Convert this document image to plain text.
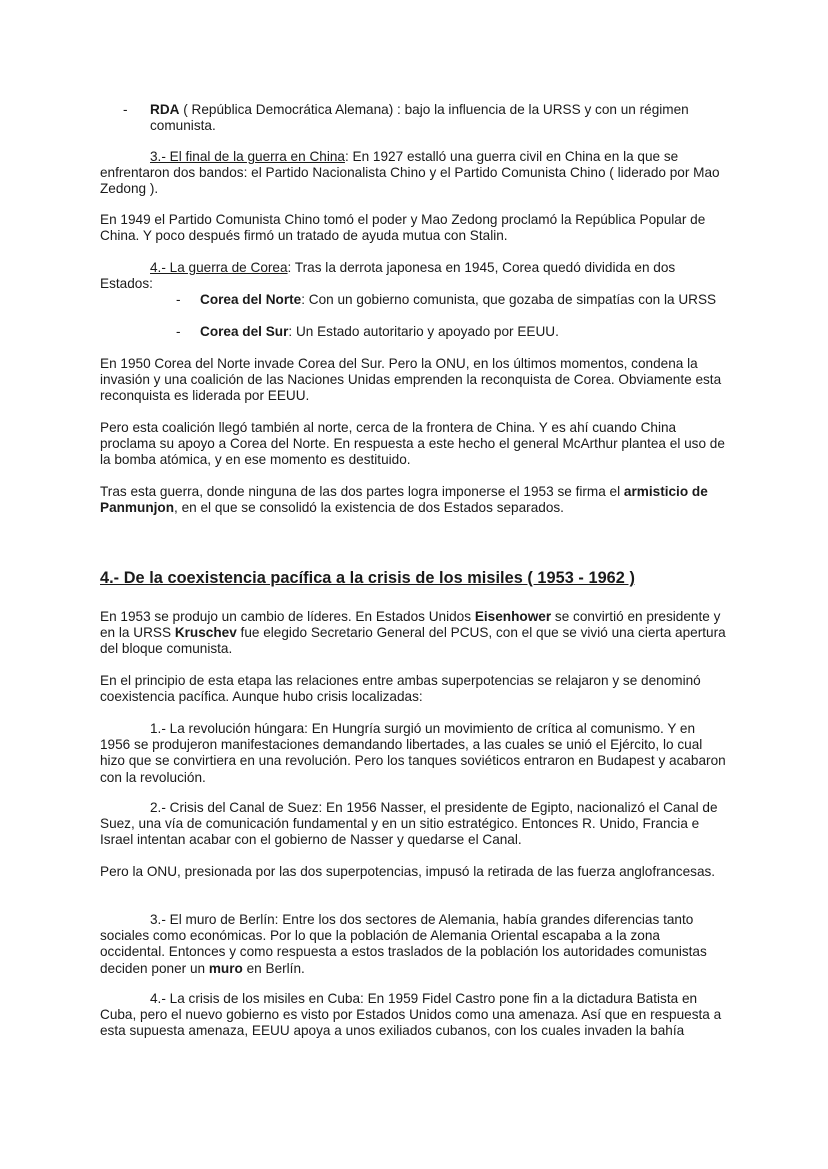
- RDA ( República Democrática Alemana) : bajo la influencia de la URSS y con un régimen comunista.

3.- El final de la guerra en China: En 1927 estalló una guerra civil en China en la que se enfrentaron dos bandos: el Partido Nacionalista Chino y el Partido Comunista Chino ( liderado por Mao Zedong ).

En 1949 el Partido Comunista Chino tomó el poder y Mao Zedong proclamó la República Popular de China. Y poco después firmó un tratado de ayuda mutua con Stalin.

4.- La guerra de Corea: Tras la derrota japonesa en 1945, Corea quedó dividida en dos Estados:

- Corea del Norte: Con un gobierno comunista, que gozaba de simpatías con la URSS

- Corea del Sur: Un Estado autoritario y apoyado por EEUU.

En 1950 Corea del Norte invade Corea del Sur. Pero la ONU, en los últimos momentos, condena la invasión y una coalición de las Naciones Unidas emprenden la reconquista de Corea. Obviamente esta reconquista es liderada por EEUU.

Pero esta coalición llegó también al norte, cerca de la frontera de China. Y es ahí cuando China proclama su apoyo a Corea del Norte. En respuesta a este hecho el general McArthur plantea el uso de la bomba atómica, y en ese momento es destituido.

Tras esta guerra, donde ninguna de las dos partes logra imponerse el 1953 se firma el armisticio de Panmunjon, en el que se consolidó la existencia de dos Estados separados.

4.- De la coexistencia pacífica a la crisis de los misiles ( 1953 - 1962 )

En 1953 se produjo un cambio de líderes. En Estados Unidos Eisenhower se convirtió en presidente y en la URSS Kruschev fue elegido Secretario General del PCUS, con el que se vivió una cierta apertura del bloque comunista.

En el principio de esta etapa las relaciones entre ambas superpotencias se relajaron y se denominó coexistencia pacífica. Aunque hubo crisis localizadas:

1.- La revolución húngara: En Hungría surgió un movimiento de crítica al comunismo. Y en 1956 se produjeron manifestaciones demandando libertades, a las cuales se unió el Ejército, lo cual hizo que se convirtiera en una revolución. Pero los tanques soviéticos entraron en Budapest y acabaron con la revolución.

2.- Crisis del Canal de Suez: En 1956 Nasser, el presidente de Egipto, nacionalizó el Canal de Suez, una vía de comunicación fundamental y en un sitio estratégico. Entonces R. Unido, Francia e Israel intentan acabar con el gobierno de Nasser y quedarse el Canal.

Pero la ONU, presionada por las dos superpotencias, impusó la retirada de las fuerza anglofrancesas.

3.- El muro de Berlín: Entre los dos sectores de Alemania, había grandes diferencias tanto sociales como económicas. Por lo que la población de Alemania Oriental escapaba a la zona occidental. Entonces y como respuesta a estos traslados de la población los autoridades comunistas deciden poner un muro en Berlín.

4.- La crisis de los misiles en Cuba: En 1959 Fidel Castro pone fin a la dictadura Batista en Cuba, pero el nuevo gobierno es visto por Estados Unidos como una amenaza. Así que en respuesta a esta supuesta amenaza, EEUU apoya a unos exiliados cubanos, con los cuales invaden la bahía
